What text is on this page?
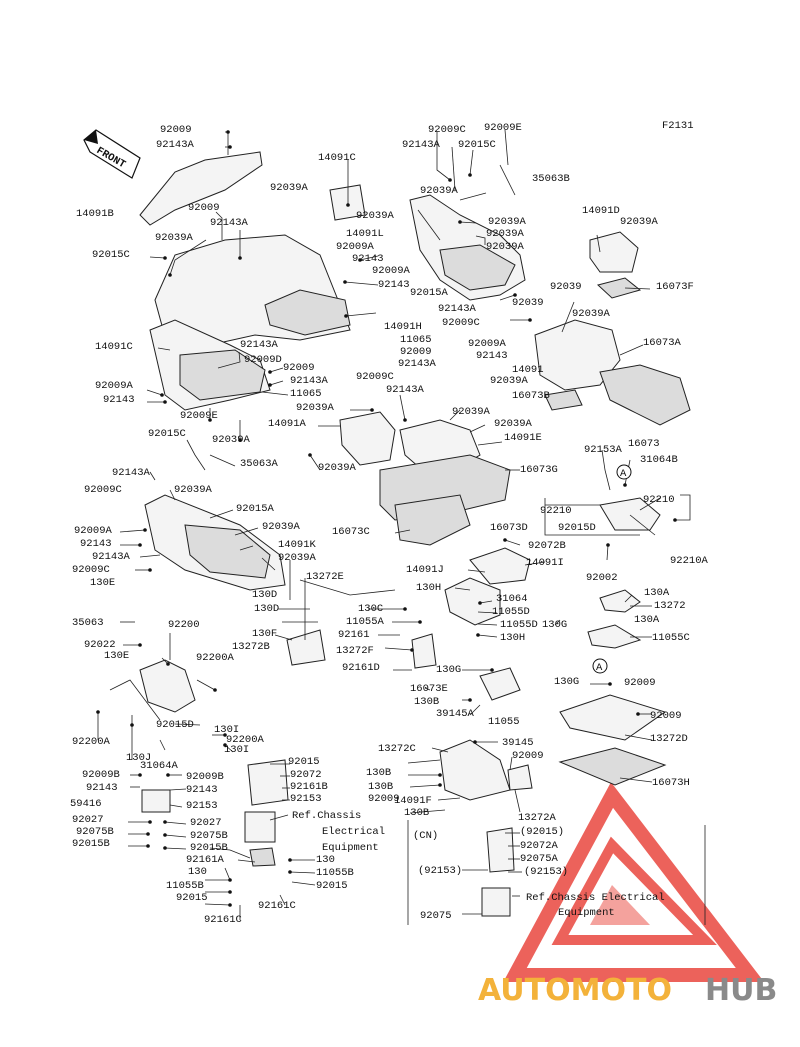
F2131
FRONT
A
A
Ref.Chassis
Electrical
Equipment
(CN)
Ref.Chassis Electrical
Equipment
92009
92143A
14091B	92009
92143A
92039A
92015C
92039A
14091C
92039A
92009C 92009E
92143A 92015C
35063B
92039A
92039A
14091L	92039A
92009A	92039A
92143
92009A
92143
92015A
92143A	92039
92009C
14091D
92039A
92039	16073F
92039A
14091H
11065
92009
92143A
92009C
92009A
92143
16073A
14091C	92143A
92009D
92009
92143A
92009A
92143	11065
92009E
92039A
92039A
14091A
92143A
92039A
14091E
92039A
92039A	16073G
92015C
35063A
92143A
92039A
92009C
92015A
92039A
14091K
92009A
92143
92143A
92009C
130E
92039A
16073C
14091
92039A
16073B
16073
92153A
31064B
92210
92210
92015D
16073D
92072B
92210A
92002
14091J
14091I
13272E
130H
31064
11055D
11055D 130G
130H
130A
13272
130A
11055C
35063
92022
92200
130D
130D	130C
11055A
92161
130F
13272B	13272F
130E	92200A
92161D	130G
16073E
130B
39145A
11055
130G	92009
92009
13272D
16073H
92200A
92015D 130I
92200A
130J
130I
31064A	92015
92072
92161B
92153
92009B	92009B
92143	92143
59416	92153
13272C	39145
130B
92009
130B
92009
14091F
130B	13272A
92027	92027
92075B	92075B
92015B	92015B
92161A	130
130	11055B
11055B	92015
92015
92161C
92161C
(92015)
92072A
92075A
(92153)	(92153)
92075
AUTOMOTO HUB
